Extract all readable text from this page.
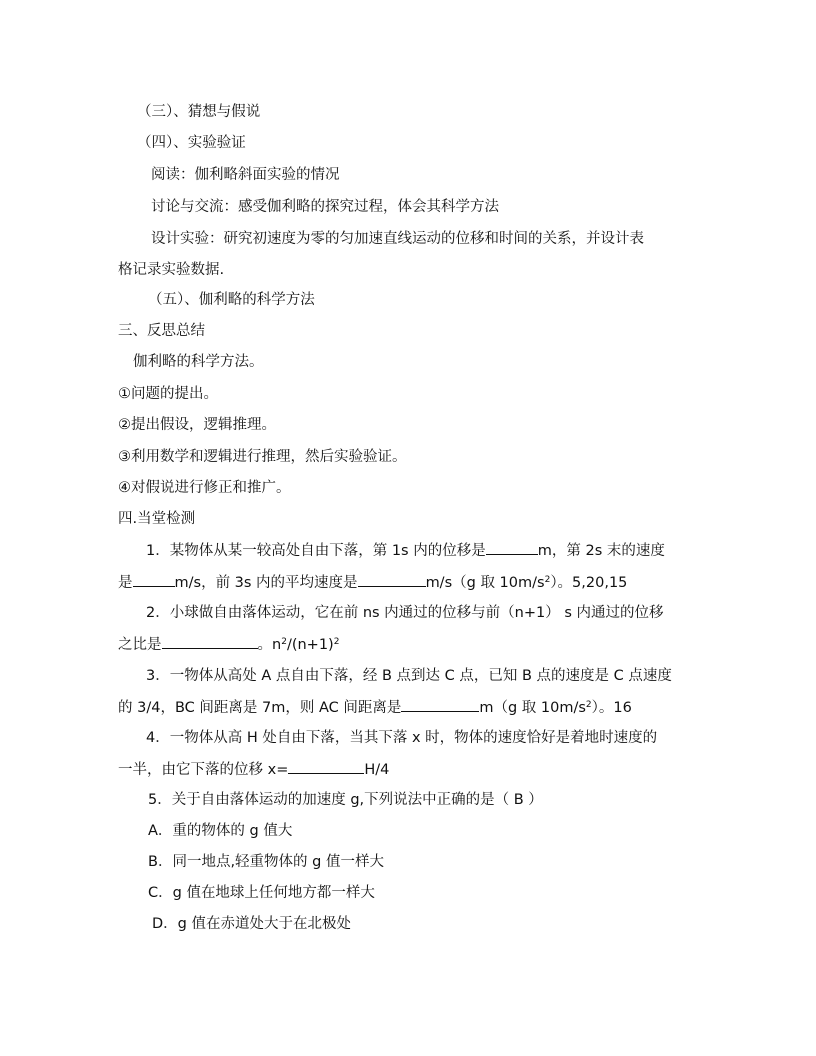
（三）、猜想与假说
（四）、实验验证
阅读：伽利略斜面实验的情况
讨论与交流：感受伽利略的探究过程，体会其科学方法
设计实验：研究初速度为零的匀加速直线运动的位移和时间的关系，并设计表
格记录实验数据.
（五）、伽利略的科学方法
三、反思总结
伽利略的科学方法。
①问题的提出。
②提出假设，逻辑推理。
③利用数学和逻辑进行推理，然后实验验证。
④对假说进行修正和推广。
四.当堂检测
1．某物体从某一较高处自由下落，第 1s 内的位移是	m，第 2s 末的速度
是	m/s，前 3s 内的平均速度是	m/s（g 取 $10m/s^2$）。5,20,15
2．小球做自由落体运动，它在前 ns 内通过的位移与前（n+1） s 内通过的位移
之比是	。$n^2/(n+1)^2$
3．一物体从高处 A 点自由下落，经 B 点到达 C 点，已知 B 点的速度是 C 点速度
的 3/4，BC 间距离是 7m，则 AC 间距离是	m（g 取 $10m/s^2$）。16
4．一物体从高 H 处自由下落，当其下落 x 时，物体的速度恰好是着地时速度的
一半，由它下落的位移 x=	H/4
5．关于自由落体运动的加速度 g,下列说法中正确的是（ B ）
A．重的物体的 g 值大
B．同一地点,轻重物体的 g 值一样大
C．g 值在地球上任何地方都一样大
D．g 值在赤道处大于在北极处
